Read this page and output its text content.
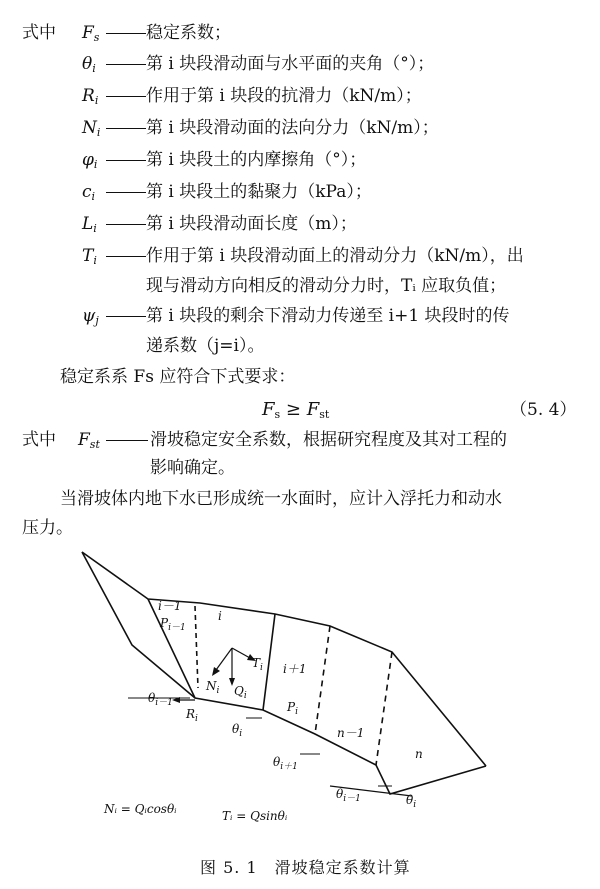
式中 $F_s$	稳定系数；
$\theta_i$	第 i 块段滑动面与水平面的夹角（°）；
$R_i$	作用于第 i 块段的抗滑力（kN/m）；
$N_i$	第 i 块段滑动面的法向分力（kN/m）；
$\varphi_i$	第 i 块段土的内摩擦角（°）；
$c_i$	第 i 块段土的黏聚力（kPa）；
$L_i$	第 i 块段滑动面长度（m）；
$T_i$	作用于第 i 块段滑动面上的滑动分力（kN/m），出
现与滑动方向相反的滑动分力时，Tᵢ 应取负值；
$\psi_j$	第 i 块段的剩余下滑动力传递至 i+1 块段时的传
递系数（j=i）。
稳定系系 Fs 应符合下式要求：
$F_s \ge F_{st}$	（5. 4）
式中 $F_{st}$	滑坡稳定安全系数，根据研究程度及其对工程的
影响确定。
当滑坡体内地下水已形成统一水面时，应计入浮托力和动水
压力。
i－1
$P_{i-1}$
i
$T_i$ i＋1
$N_i$ $Q_i$
$P_i$
$\theta_{i-1}$
$R_i$
$\theta_i$	n－1
$\theta_{i+1}$
n
$\theta_{i-1}$	$\theta_i$
Nᵢ = Qᵢcosθᵢ	Tᵢ = Qsinθᵢ
图 5. 1　滑坡稳定系数计算
